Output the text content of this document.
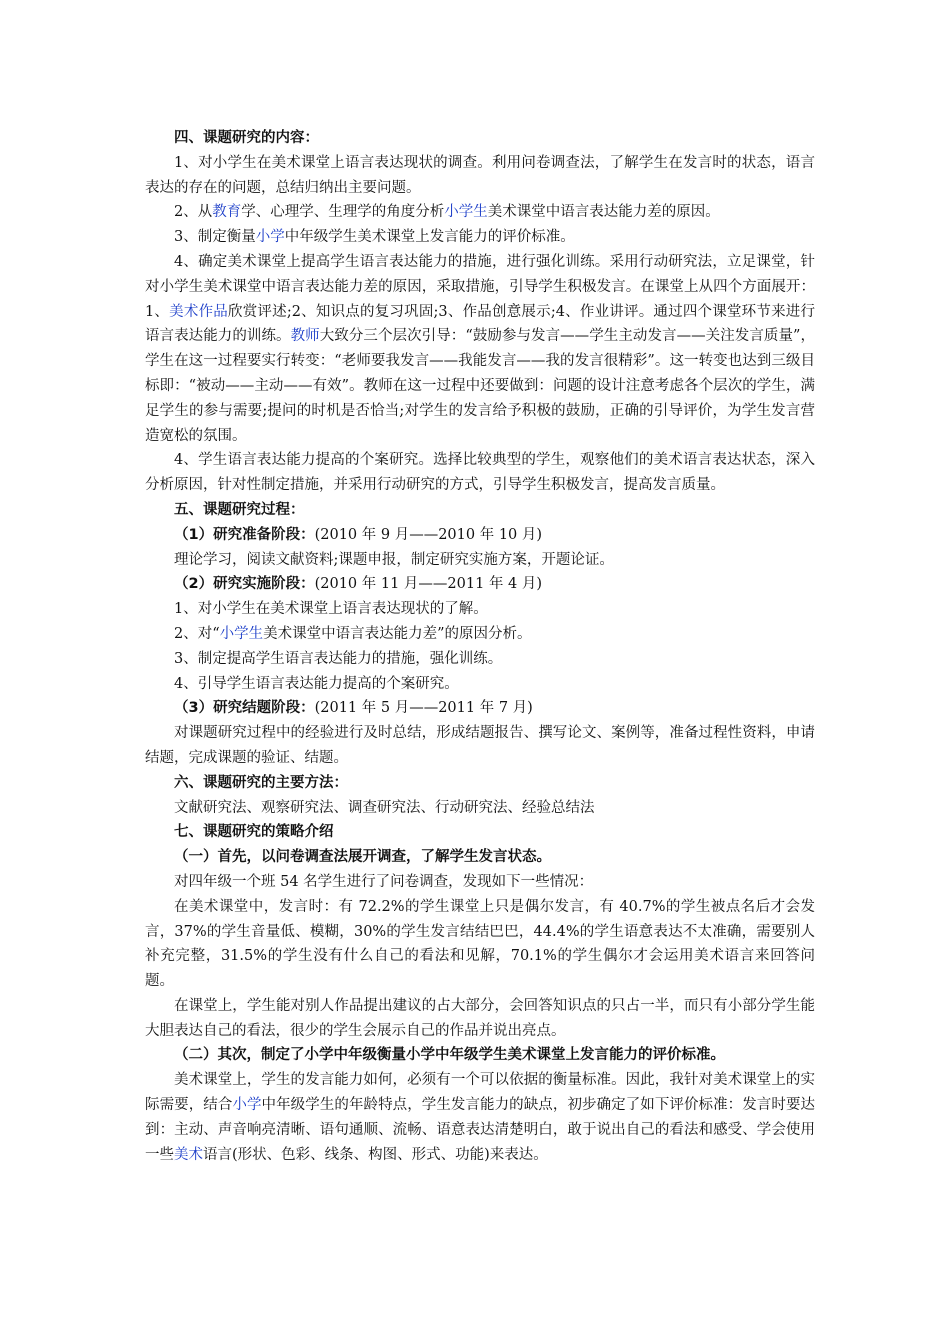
四、课题研究的内容：

1、对小学生在美术课堂上语言表达现状的调查。利用问卷调查法，了解学生在发言时的状态，语言表达的存在的问题，总结归纳出主要问题。

2、从教育学、心理学、生理学的角度分析小学生美术课堂中语言表达能力差的原因。

3、制定衡量小学中年级学生美术课堂上发言能力的评价标准。

4、确定美术课堂上提高学生语言表达能力的措施，进行强化训练。采用行动研究法，立足课堂，针对小学生美术课堂中语言表达能力差的原因，采取措施，引导学生积极发言。在课堂上从四个方面展开：1、美术作品欣赏评述;2、知识点的复习巩固;3、作品创意展示;4、作业讲评。通过四个课堂环节来进行语言表达能力的训练。教师大致分三个层次引导：“鼓励参与发言——学生主动发言——关注发言质量”，学生在这一过程要实行转变：“老师要我发言——我能发言——我的发言很精彩”。这一转变也达到三级目标即：“被动——主动——有效”。教师在这一过程中还要做到：问题的设计注意考虑各个层次的学生，满足学生的参与需要;提问的时机是否恰当;对学生的发言给予积极的鼓励，正确的引导评价，为学生发言营造宽松的氛围。

4、学生语言表达能力提高的个案研究。选择比较典型的学生，观察他们的美术语言表达状态，深入分析原因，针对性制定措施，并采用行动研究的方式，引导学生积极发言，提高发言质量。

五、课题研究过程：

（1）研究准备阶段：(2010 年 9 月——2010 年 10 月)

理论学习，阅读文献资料;课题申报，制定研究实施方案，开题论证。

（2）研究实施阶段：(2010 年 11 月——2011 年 4 月)

1、对小学生在美术课堂上语言表达现状的了解。

2、对“小学生美术课堂中语言表达能力差”的原因分析。

3、制定提高学生语言表达能力的措施，强化训练。

4、引导学生语言表达能力提高的个案研究。

（3）研究结题阶段：(2011 年 5 月——2011 年 7 月)

对课题研究过程中的经验进行及时总结，形成结题报告、撰写论文、案例等，准备过程性资料，申请结题，完成课题的验证、结题。

六、课题研究的主要方法：

文献研究法、观察研究法、调查研究法、行动研究法、经验总结法

七、课题研究的策略介绍

（一）首先，以问卷调查法展开调查，了解学生发言状态。

对四年级一个班 54 名学生进行了问卷调查，发现如下一些情况：

在美术课堂中，发言时：有 72.2%的学生课堂上只是偶尔发言，有 40.7%的学生被点名后才会发言，37%的学生音量低、模糊，30%的学生发言结结巴巴，44.4%的学生语意表达不太准确，需要别人补充完整，31.5%的学生没有什么自己的看法和见解，70.1%的学生偶尔才会运用美术语言来回答问题。

在课堂上，学生能对别人作品提出建议的占大部分，会回答知识点的只占一半，而只有小部分学生能大胆表达自己的看法，很少的学生会展示自己的作品并说出亮点。

（二）其次，制定了小学中年级衡量小学中年级学生美术课堂上发言能力的评价标准。

美术课堂上，学生的发言能力如何，必须有一个可以依据的衡量标准。因此，我针对美术课堂上的实际需要，结合小学中年级学生的年龄特点，学生发言能力的缺点，初步确定了如下评价标准：发言时要达到：主动、声音响亮清晰、语句通顺、流畅、语意表达清楚明白，敢于说出自己的看法和感受、学会使用一些美术语言(形状、色彩、线条、构图、形式、功能)来表达。
